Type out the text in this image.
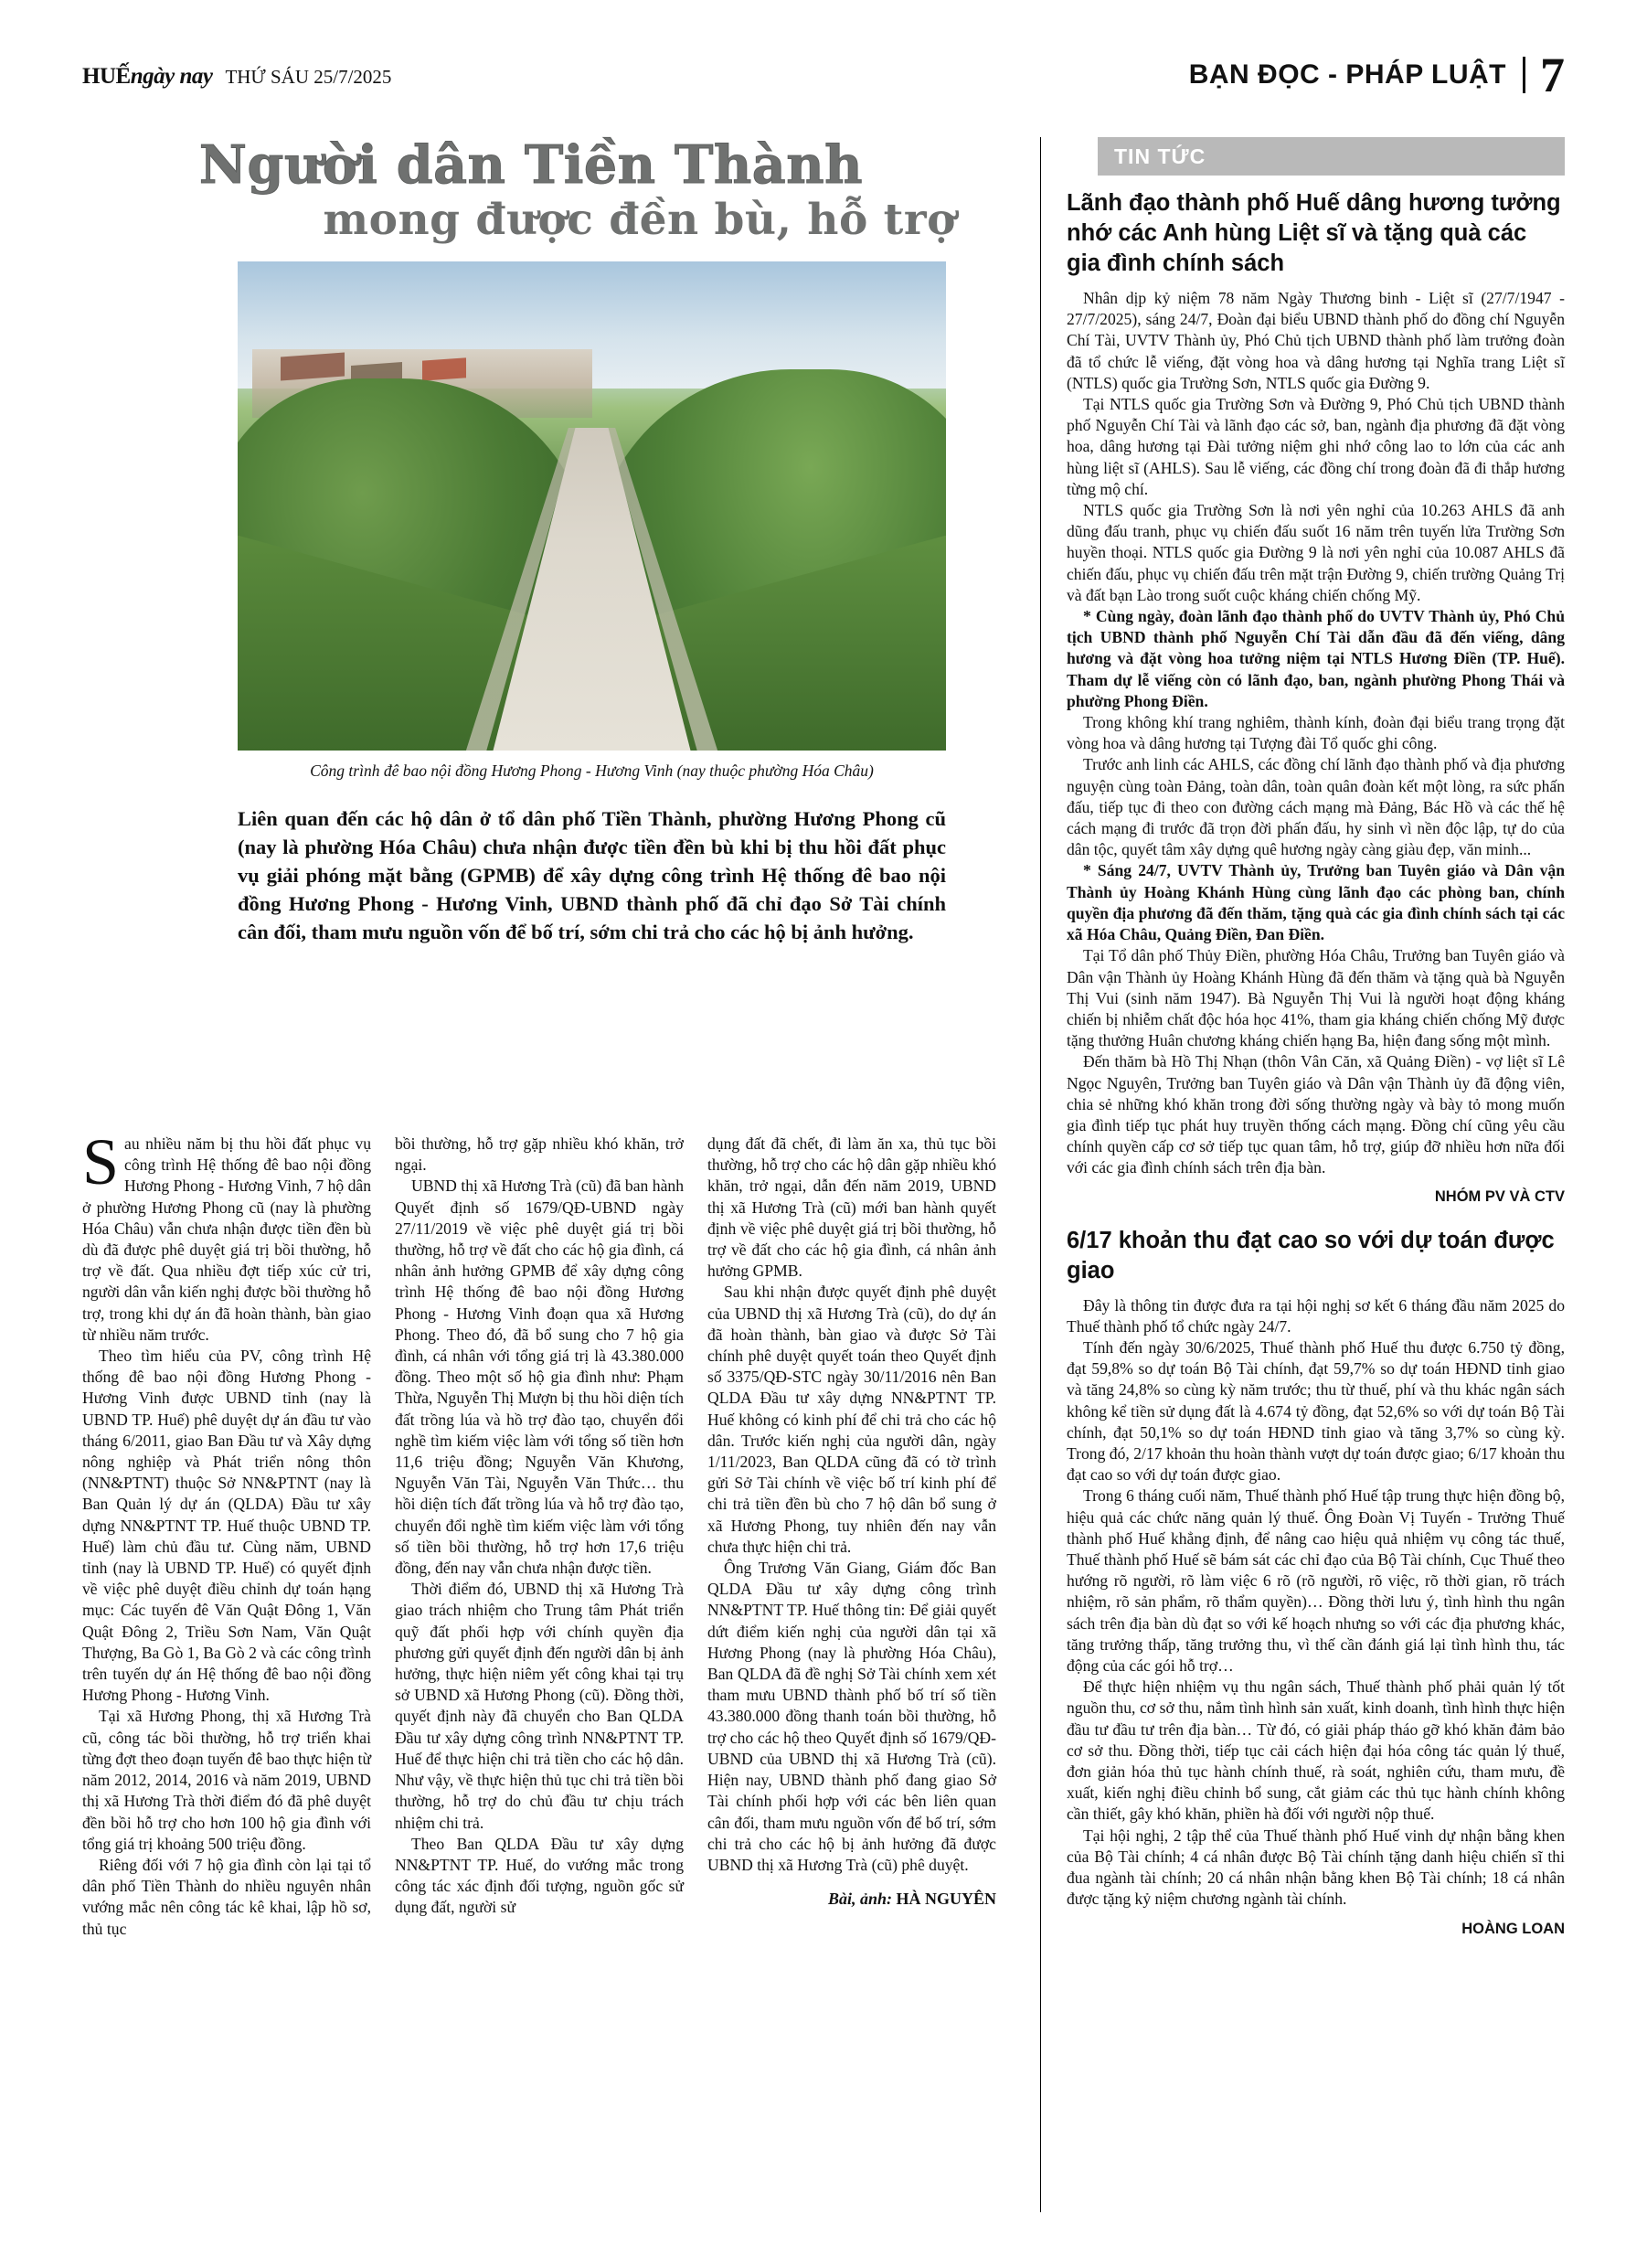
HUẾngày nay THỨ SÁU 25/7/2025	BẠN ĐỌC - PHÁP LUẬT 7
Người dân Tiền Thành
mong được đền bù, hỗ trợ
Công trình đê bao nội đồng Hương Phong - Hương Vinh (nay thuộc phường Hóa Châu)
Liên quan đến các hộ dân ở tổ dân phố Tiền Thành, phường Hương Phong cũ (nay là phường Hóa Châu) chưa nhận được tiền đền bù khi bị thu hồi đất phục vụ giải phóng mặt bằng (GPMB) để xây dựng công trình Hệ thống đê bao nội đồng Hương Phong - Hương Vinh, UBND thành phố đã chỉ đạo Sở Tài chính cân đối, tham mưu nguồn vốn để bố trí, sớm chi trả cho các hộ bị ảnh hưởng.

Sau nhiều năm bị thu hồi đất phục vụ công trình Hệ thống đê bao nội đồng Hương Phong - Hương Vinh, 7 hộ dân ở phường Hương Phong cũ (nay là phường Hóa Châu) vẫn chưa nhận được tiền đền bù dù đã được phê duyệt giá trị bồi thường, hỗ trợ về đất. Qua nhiều đợt tiếp xúc cử tri, người dân vẫn kiến nghị được bồi thường hỗ trợ, trong khi dự án đã hoàn thành, bàn giao từ nhiều năm trước.

Theo tìm hiểu của PV, công trình Hệ thống đê bao nội đồng Hương Phong - Hương Vinh được UBND tỉnh (nay là UBND TP. Huế) phê duyệt dự án đầu tư vào tháng 6/2011, giao Ban Đầu tư và Xây dựng nông nghiệp và Phát triển nông thôn (NN&PTNT) thuộc Sở NN&PTNT (nay là Ban Quản lý dự án (QLDA) Đầu tư xây dựng NN&PTNT TP. Huế thuộc UBND TP. Huế) làm chủ đầu tư. Cùng năm, UBND tỉnh (nay là UBND TP. Huế) có quyết định về việc phê duyệt điều chỉnh dự toán hạng mục: Các tuyến đê Văn Quật Đông 1, Văn Quật Đông 2, Triều Sơn Nam, Văn Quật Thượng, Ba Gò 1, Ba Gò 2 và các công trình trên tuyến dự án Hệ thống đê bao nội đồng Hương Phong - Hương Vinh.

Tại xã Hương Phong, thị xã Hương Trà cũ, công tác bồi thường, hỗ trợ triển khai từng đợt theo đoạn tuyến đê bao thực hiện từ năm 2012, 2014, 2016 và năm 2019, UBND thị xã Hương Trà thời điểm đó đã phê duyệt đền bồi hỗ trợ cho hơn 100 hộ gia đình với tổng giá trị khoảng 500 triệu đồng.

Riêng đối với 7 hộ gia đình còn lại tại tổ dân phố Tiền Thành do nhiều nguyên nhân vướng mắc nên công tác kê khai, lập hồ sơ, thủ tục

bồi thường, hỗ trợ gặp nhiều khó khăn, trở ngại.

UBND thị xã Hương Trà (cũ) đã ban hành Quyết định số 1679/QĐ-UBND ngày 27/11/2019 về việc phê duyệt giá trị bồi thường, hỗ trợ về đất cho các hộ gia đình, cá nhân ảnh hưởng GPMB để xây dựng công trình Hệ thống đê bao nội đồng Hương Phong - Hương Vinh đoạn qua xã Hương Phong. Theo đó, đã bổ sung cho 7 hộ gia đình, cá nhân với tổng giá trị là 43.380.000 đồng. Theo một số hộ gia đình như: Phạm Thừa, Nguyễn Thị Mượn bị thu hồi diện tích đất trồng lúa và hồ trợ đào tạo, chuyển đổi nghề tìm kiếm việc làm với tổng số tiền hơn 11,6 triệu đồng; Nguyễn Văn Khương, Nguyễn Văn Tài, Nguyễn Văn Thức… thu hồi diện tích đất trồng lúa và hỗ trợ đào tạo, chuyển đổi nghề tìm kiếm việc làm với tổng số tiền bồi thường, hỗ trợ hơn 17,6 triệu đồng, đến nay vẫn chưa nhận được tiền.

Thời điểm đó, UBND thị xã Hương Trà giao trách nhiệm cho Trung tâm Phát triển quỹ đất phối hợp với chính quyền địa phương gửi quyết định đến người dân bị ảnh hưởng, thực hiện niêm yết công khai tại trụ sở UBND xã Hương Phong (cũ). Đồng thời, quyết định này đã chuyển cho Ban QLDA Đầu tư xây dựng công trình NN&PTNT TP. Huế để thực hiện chi trả tiền cho các hộ dân. Như vậy, về thực hiện thủ tục chi trả tiền bồi thường, hỗ trợ do chủ đầu tư chịu trách nhiệm chi trả.

Theo Ban QLDA Đầu tư xây dựng NN&PTNT TP. Huế, do vướng mắc trong công tác xác định đối tượng, nguồn gốc sử dụng đất, người sử

dụng đất đã chết, đi làm ăn xa, thủ tục bồi thường, hỗ trợ cho các hộ dân gặp nhiều khó khăn, trở ngại, dẫn đến năm 2019, UBND thị xã Hương Trà (cũ) mới ban hành quyết định về việc phê duyệt giá trị bồi thường, hỗ trợ về đất cho các hộ gia đình, cá nhân ảnh hưởng GPMB.

Sau khi nhận được quyết định phê duyệt của UBND thị xã Hương Trà (cũ), do dự án đã hoàn thành, bàn giao và được Sở Tài chính phê duyệt quyết toán theo Quyết định số 3375/QĐ-STC ngày 30/11/2016 nên Ban QLDA Đầu tư xây dựng NN&PTNT TP. Huế không có kinh phí để chi trả cho các hộ dân. Trước kiến nghị của người dân, ngày 1/11/2023, Ban QLDA cũng đã có tờ trình gửi Sở Tài chính về việc bố trí kinh phí để chi trả tiền đền bù cho 7 hộ dân bổ sung ở xã Hương Phong, tuy nhiên đến nay vẫn chưa thực hiện chi trả.

Ông Trương Văn Giang, Giám đốc Ban QLDA Đầu tư xây dựng công trình NN&PTNT TP. Huế thông tin: Để giải quyết dứt điểm kiến nghị của người dân tại xã Hương Phong (nay là phường Hóa Châu), Ban QLDA đã đề nghị Sở Tài chính xem xét tham mưu UBND thành phố bố trí số tiền 43.380.000 đồng thanh toán bồi thường, hỗ trợ cho các hộ theo Quyết định số 1679/QĐ-UBND của UBND thị xã Hương Trà (cũ). Hiện nay, UBND thành phố đang giao Sở Tài chính phối hợp với các bên liên quan cân đối, tham mưu nguồn vốn để bố trí, sớm chi trả cho các hộ bị ảnh hưởng đã được UBND thị xã Hương Trà (cũ) phê duyệt.

Bài, ảnh: HÀ NGUYÊN
TIN TỨC
Lãnh đạo thành phố Huế dâng hương tưởng nhớ các Anh hùng Liệt sĩ và tặng quà các gia đình chính sách

Nhân dịp kỷ niệm 78 năm Ngày Thương binh - Liệt sĩ (27/7/1947 - 27/7/2025), sáng 24/7, Đoàn đại biểu UBND thành phố do đồng chí Nguyễn Chí Tài, UVTV Thành ủy, Phó Chủ tịch UBND thành phố làm trưởng đoàn đã tổ chức lễ viếng, đặt vòng hoa và dâng hương tại Nghĩa trang Liệt sĩ (NTLS) quốc gia Trường Sơn, NTLS quốc gia Đường 9.

Tại NTLS quốc gia Trường Sơn và Đường 9, Phó Chủ tịch UBND thành phố Nguyễn Chí Tài và lãnh đạo các sở, ban, ngành địa phương đã đặt vòng hoa, dâng hương tại Đài tưởng niệm ghi nhớ công lao to lớn của các anh hùng liệt sĩ (AHLS). Sau lễ viếng, các đồng chí trong đoàn đã đi thắp hương từng mộ chí.

NTLS quốc gia Trường Sơn là nơi yên nghỉ của 10.263 AHLS đã anh dũng đấu tranh, phục vụ chiến đấu suốt 16 năm trên tuyến lửa Trường Sơn huyền thoại. NTLS quốc gia Đường 9 là nơi yên nghỉ của 10.087 AHLS đã chiến đấu, phục vụ chiến đấu trên mặt trận Đường 9, chiến trường Quảng Trị và đất bạn Lào trong suốt cuộc kháng chiến chống Mỹ.

* Cùng ngày, đoàn lãnh đạo thành phố do UVTV Thành ủy, Phó Chủ tịch UBND thành phố Nguyễn Chí Tài dẫn đầu đã đến viếng, dâng hương và đặt vòng hoa tưởng niệm tại NTLS Hương Điền (TP. Huế). Tham dự lễ viếng còn có lãnh đạo, ban, ngành phường Phong Thái và phường Phong Điền.

Trong không khí trang nghiêm, thành kính, đoàn đại biểu trang trọng đặt vòng hoa và dâng hương tại Tượng đài Tổ quốc ghi công.

Trước anh linh các AHLS, các đồng chí lãnh đạo thành phố và địa phương nguyện cùng toàn Đảng, toàn dân, toàn quân đoàn kết một lòng, ra sức phấn đấu, tiếp tục đi theo con đường cách mạng mà Đảng, Bác Hồ và các thế hệ cách mạng đi trước đã trọn đời phấn đấu, hy sinh vì nền độc lập, tự do của dân tộc, quyết tâm xây dựng quê hương ngày càng giàu đẹp, văn minh...

* Sáng 24/7, UVTV Thành ủy, Trưởng ban Tuyên giáo và Dân vận Thành ủy Hoàng Khánh Hùng cùng lãnh đạo các phòng ban, chính quyền địa phương đã đến thăm, tặng quà các gia đình chính sách tại các xã Hóa Châu, Quảng Điền, Đan Điền.

Tại Tổ dân phố Thủy Điền, phường Hóa Châu, Trưởng ban Tuyên giáo và Dân vận Thành ủy Hoàng Khánh Hùng đã đến thăm và tặng quà bà Nguyễn Thị Vui (sinh năm 1947). Bà Nguyễn Thị Vui là người hoạt động kháng chiến bị nhiễm chất độc hóa học 41%, tham gia kháng chiến chống Mỹ được tặng thưởng Huân chương kháng chiến hạng Ba, hiện đang sống một mình.

Đến thăm bà Hồ Thị Nhạn (thôn Vân Căn, xã Quảng Điền) - vợ liệt sĩ Lê Ngọc Nguyên, Trưởng ban Tuyên giáo và Dân vận Thành ủy đã động viên, chia sẻ những khó khăn trong đời sống thường ngày và bày tỏ mong muốn gia đình tiếp tục phát huy truyền thống cách mạng. Đồng chí cũng yêu cầu chính quyền cấp cơ sở tiếp tục quan tâm, hỗ trợ, giúp đỡ nhiều hơn nữa đối với các gia đình chính sách trên địa bàn.

NHÓM PV VÀ CTV
6/17 khoản thu đạt cao so với dự toán được giao

Đây là thông tin được đưa ra tại hội nghị sơ kết 6 tháng đầu năm 2025 do Thuế thành phố tổ chức ngày 24/7.

Tính đến ngày 30/6/2025, Thuế thành phố Huế thu được 6.750 tỷ đồng, đạt 59,8% so dự toán Bộ Tài chính, đạt 59,7% so dự toán HĐND tỉnh giao và tăng 24,8% so cùng kỳ năm trước; thu từ thuế, phí và thu khác ngân sách không kể tiền sử dụng đất là 4.674 tỷ đồng, đạt 52,6% so với dự toán Bộ Tài chính, đạt 50,1% so dự toán HĐND tỉnh giao và tăng 3,7% so cùng kỳ. Trong đó, 2/17 khoản thu hoàn thành vượt dự toán được giao; 6/17 khoản thu đạt cao so với dự toán được giao.

Trong 6 tháng cuối năm, Thuế thành phố Huế tập trung thực hiện đồng bộ, hiệu quả các chức năng quản lý thuế. Ông Đoàn Vị Tuyến - Trưởng Thuế thành phố Huế khẳng định, để nâng cao hiệu quả nhiệm vụ công tác thuế, Thuế thành phố Huế sẽ bám sát các chỉ đạo của Bộ Tài chính, Cục Thuế theo hướng rõ người, rõ làm việc 6 rõ (rõ người, rõ việc, rõ thời gian, rõ trách nhiệm, rõ sản phẩm, rõ thẩm quyền)… Đồng thời lưu ý, tình hình thu ngân sách trên địa bàn dù đạt so với kế hoạch nhưng so với các địa phương khác, tăng trưởng thấp, tăng trưởng thu, vì thế cần đánh giá lại tình hình thu, tác động của các gói hỗ trợ…

Để thực hiện nhiệm vụ thu ngân sách, Thuế thành phố phải quản lý tốt nguồn thu, cơ sở thu, nắm tình hình sản xuất, kinh doanh, tình hình thực hiện đầu tư đầu tư trên địa bàn… Từ đó, có giải pháp tháo gỡ khó khăn đảm bảo cơ sở thu. Đồng thời, tiếp tục cải cách hiện đại hóa công tác quản lý thuế, đơn giản hóa thủ tục hành chính thuế, rà soát, nghiên cứu, tham mưu, đề xuất, kiến nghị điều chỉnh bổ sung, cắt giảm các thủ tục hành chính không cần thiết, gây khó khăn, phiền hà đối với người nộp thuế.

Tại hội nghị, 2 tập thể của Thuế thành phố Huế vinh dự nhận bằng khen của Bộ Tài chính; 4 cá nhân được Bộ Tài chính tặng danh hiệu chiến sĩ thi đua ngành tài chính; 20 cá nhân nhận bằng khen Bộ Tài chính; 18 cá nhân được tặng kỷ niệm chương ngành tài chính.

HOÀNG LOAN
